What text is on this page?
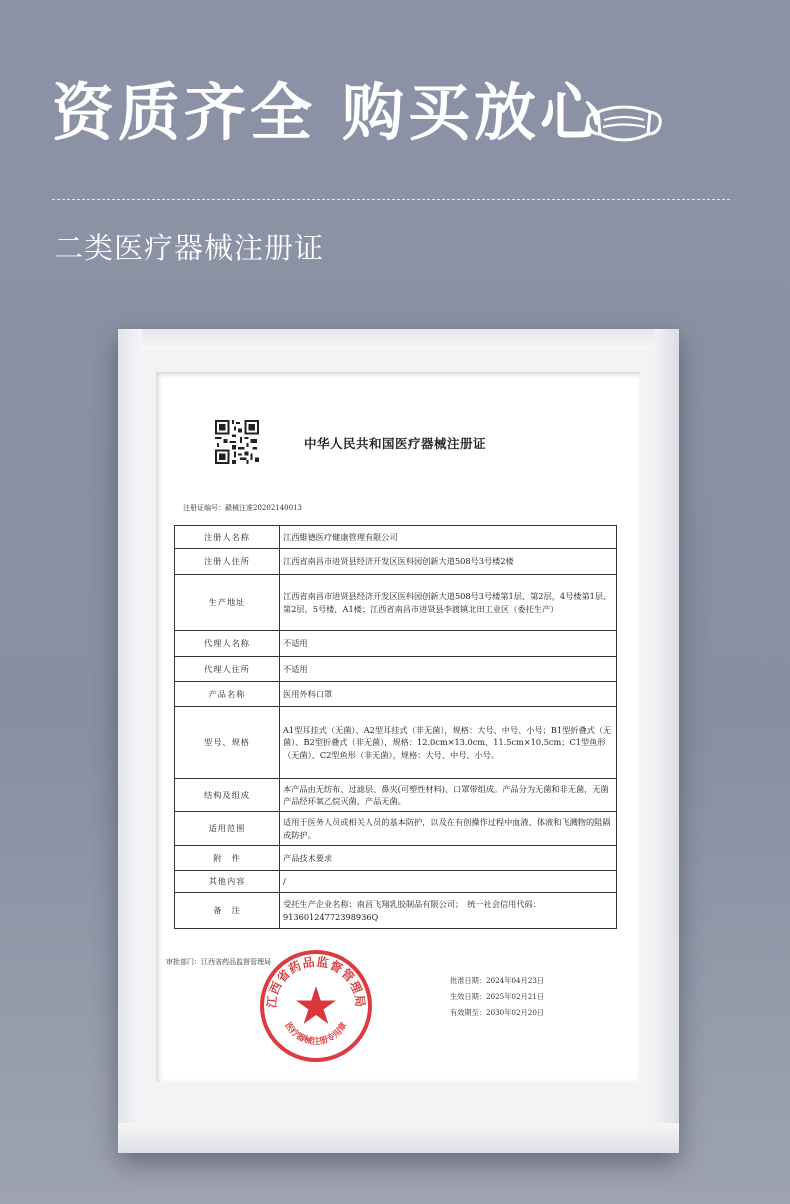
资质齐全 购买放心
二类医疗器械注册证
中华人民共和国医疗器械注册证
注册证编号：赣械注准20202140013
注册人名称	江西維德医疗健康管理有限公司
注册人住所	江西省南昌市进贤县经济开发区医科园创新大道508号3号楼2楼
生产地址	江西省南昌市进贤县经济开发区医科园创新大道508号3号楼第1层、第2层，4号楼第1层、第2层，5号楼，A1楼；江西省南昌市进贤县李渡镇北田工业区（委托生产）
代理人名称	不适用
代理人住所	不适用
产品名称	医用外科口罩
型号、规格	A1型耳挂式（无菌）、A2型耳挂式（非无菌），规格：大号、中号、小号；B1型折叠式（无菌）、B2型折叠式（非无菌），规格：12.0cm×13.0cm、11.5cm×10.5cm；C1型鱼形（无菌）、C2型鱼形（非无菌），规格：大号、中号、小号。
结构及组成	本产品由无纺布、过滤层、鼻夹(可塑性材料)、口罩带组成。产品分为无菌和非无菌，无菌产品经环氧乙烷灭菌，产品无菌。
适用范围	适用于医务人员或相关人员的基本防护，以及在有创操作过程中血液、体液和飞溅物的阻隔或防护。
附　件	产品技术要求
其他内容	/
备　注	受托生产企业名称：南昌飞翔乳胶制品有限公司；　统一社会信用代码：91360124772398936Q
审批部门：江西省药品监督管理局
批准日期：2024年04月23日
生效日期：2025年02月21日
有效期至：2030年02月20日
江西省药品监督管理局
医疗器械注册专用章
